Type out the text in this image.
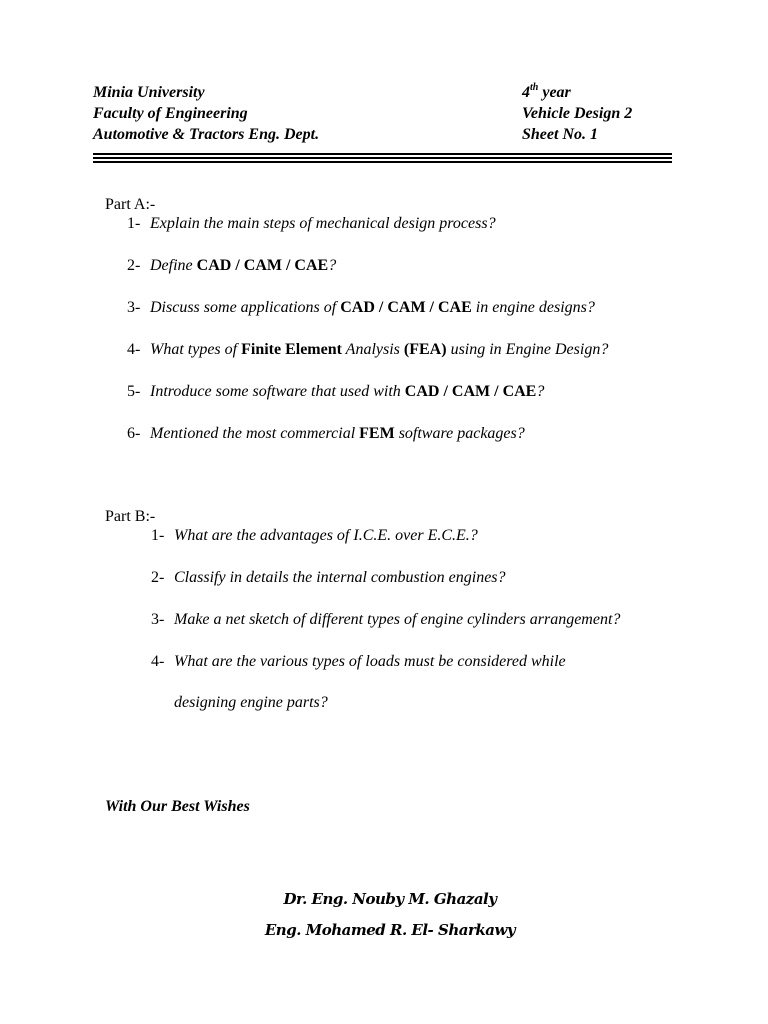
Minia University
Faculty of Engineering
Automotive & Tractors Eng. Dept.
4th year
Vehicle Design 2
Sheet No. 1
Part A:-
1- Explain the main steps of mechanical design process?
2- Define CAD / CAM / CAE?
3- Discuss some applications of CAD / CAM / CAE in engine designs?
4- What types of Finite Element Analysis (FEA) using in Engine Design?
5- Introduce some software that used with CAD / CAM / CAE?
6- Mentioned the most commercial FEM software packages?
Part B:-
1- What are the advantages of I.C.E. over E.C.E.?
2- Classify in details the internal combustion engines?
3- Make a net sketch of different types of engine cylinders arrangement?
4- What are the various types of loads must be considered while
designing engine parts?
With Our Best Wishes
Dr. Eng. Nouby M. Ghazaly
Eng. Mohamed R. El- Sharkawy
